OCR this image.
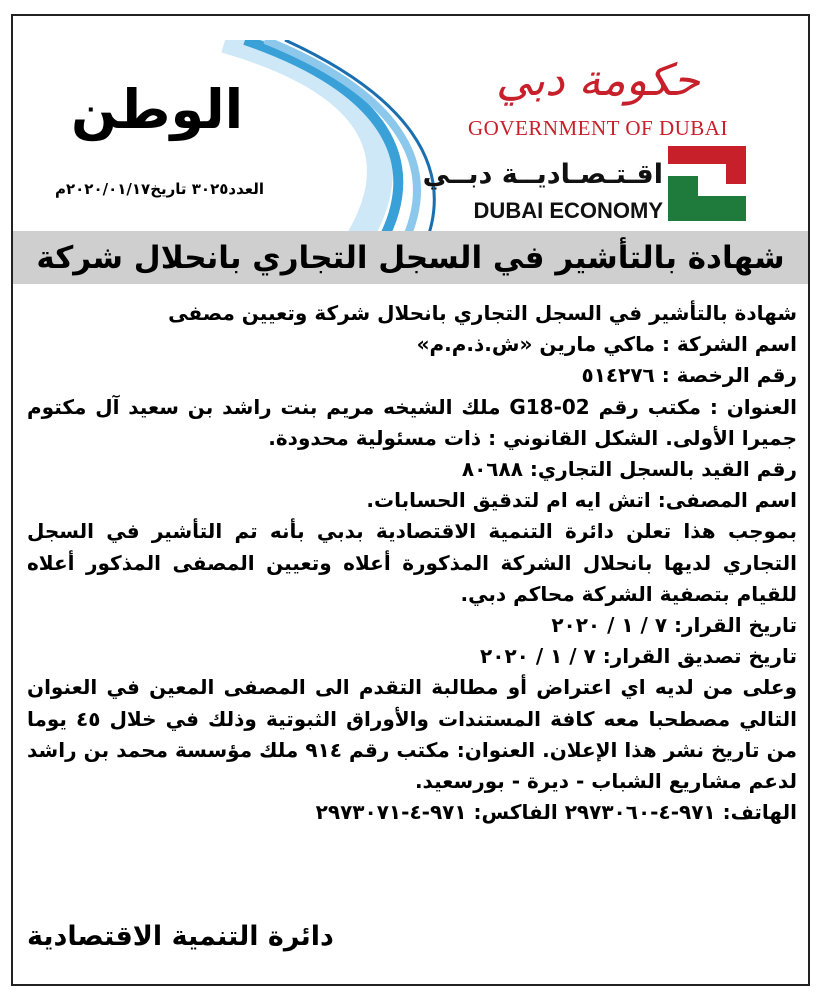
الوطن
العدد٣٠٢٥ تاريخ٢٠٢٠/٠١/١٧م
حكومة دبي
GOVERNMENT OF DUBAI
اقـتـصـاديــة دبــي
DUBAI ECONOMY
شهادة بالتأشير في السجل التجاري بانحلال شركة

شهادة بالتأشير في السجل التجاري بانحلال شركة وتعيين مصفى

اسم الشركة : ماكي مارين «ش.ذ.م.م»

رقم الرخصة : ٥١٤٢٧٦

العنوان : مكتب رقم G18-02 ملك الشيخه مريم بنت راشد بن سعيد آل مكتوم جميرا الأولى. الشكل القانوني : ذات مسئولية محدودة.

رقم القيد بالسجل التجاري: ٨٠٦٨٨

اسم المصفى: اتش ايه ام لتدقيق الحسابات.

بموجب هذا تعلن دائرة التنمية الاقتصادية بدبي بأنه تم التأشير في السجل التجاري لديها بانحلال الشركة المذكورة أعلاه وتعيين المصفى المذكور أعلاه للقيام بتصفية الشركة محاكم دبي.

تاريخ القرار: ٧ / ١ / ٢٠٢٠

تاريخ تصديق القرار: ٧ / ١ / ٢٠٢٠

وعلى من لديه اي اعتراض أو مطالبة التقدم الى المصفى المعين في العنوان التالي مصطحبا معه كافة المستندات والأوراق الثبوتية وذلك في خلال ٤٥ يوما من تاريخ نشر هذا الإعلان. العنوان: مكتب رقم ٩١٤ ملك مؤسسة محمد بن راشد لدعم مشاريع الشباب - ديرة - بورسعيد.

الهاتف: ٩٧١-٤-٢٩٧٣٠٦٠ الفاكس: ٩٧١-٤-٢٩٧٣٠٧١

دائرة التنمية الاقتصادية
